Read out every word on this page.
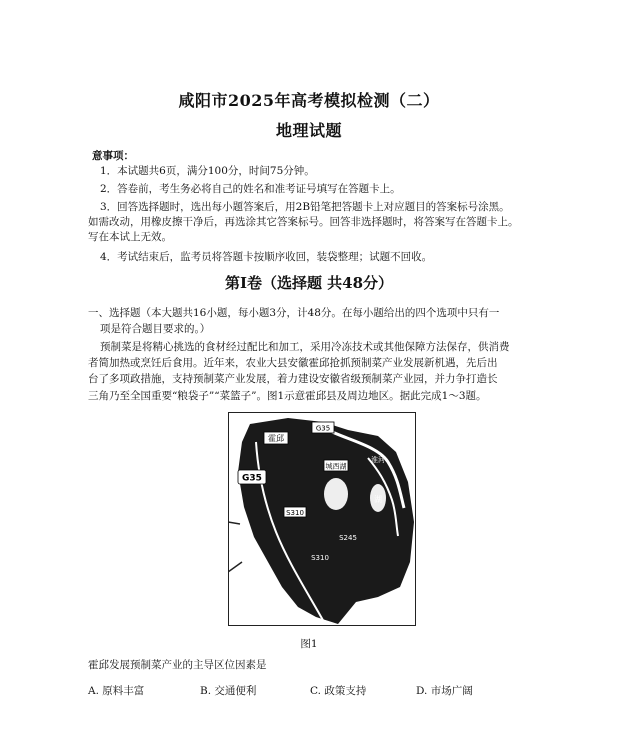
咸阳市2025年高考模拟检测（二）
地理试题
意事项：
1．本试题共6页，满分100分，时间75分钟。
2．答卷前，考生务必将自己的姓名和准考证号填写在答题卡上。
3．回答选择题时，选出每小题答案后，用2B铅笔把答题卡上对应题目的答案标号涂黑。
如需改动，用橡皮擦干净后，再选涂其它答案标号。回答非选择题时，将答案写在答题卡上。
写在本试上无效。
4．考试结束后，监考员将答题卡按顺序收回，装袋整理；试题不回收。
第Ⅰ卷（选择题 共48分）
一、选择题（本大题共16小题，每小题3分，计48分。在每小题给出的四个选项中只有一
项是符合题目要求的。）
预制菜是将精心挑选的食材经过配比和加工，采用冷冻技术或其他保障方法保存，供消费
者简加热或烹饪后食用。近年来，农业大县安徽霍邱抢抓预制菜产业发展新机遇，先后出
台了多项政措施，支持预制菜产业发展，着力建设安徽省级预制菜产业园，并力争打造长
三角乃至全国重要“粮袋子”“菜篮子”。图1示意霍邱县及周边地区。据此完成1～3题。
霍邱
G35
G35
城西湖
湖
淮河
S310
S245
S310
图1
霍邱发展预制菜产业的主导区位因素是
A. 原料丰富	B. 交通便利	C. 政策支持	D. 市场广阔
